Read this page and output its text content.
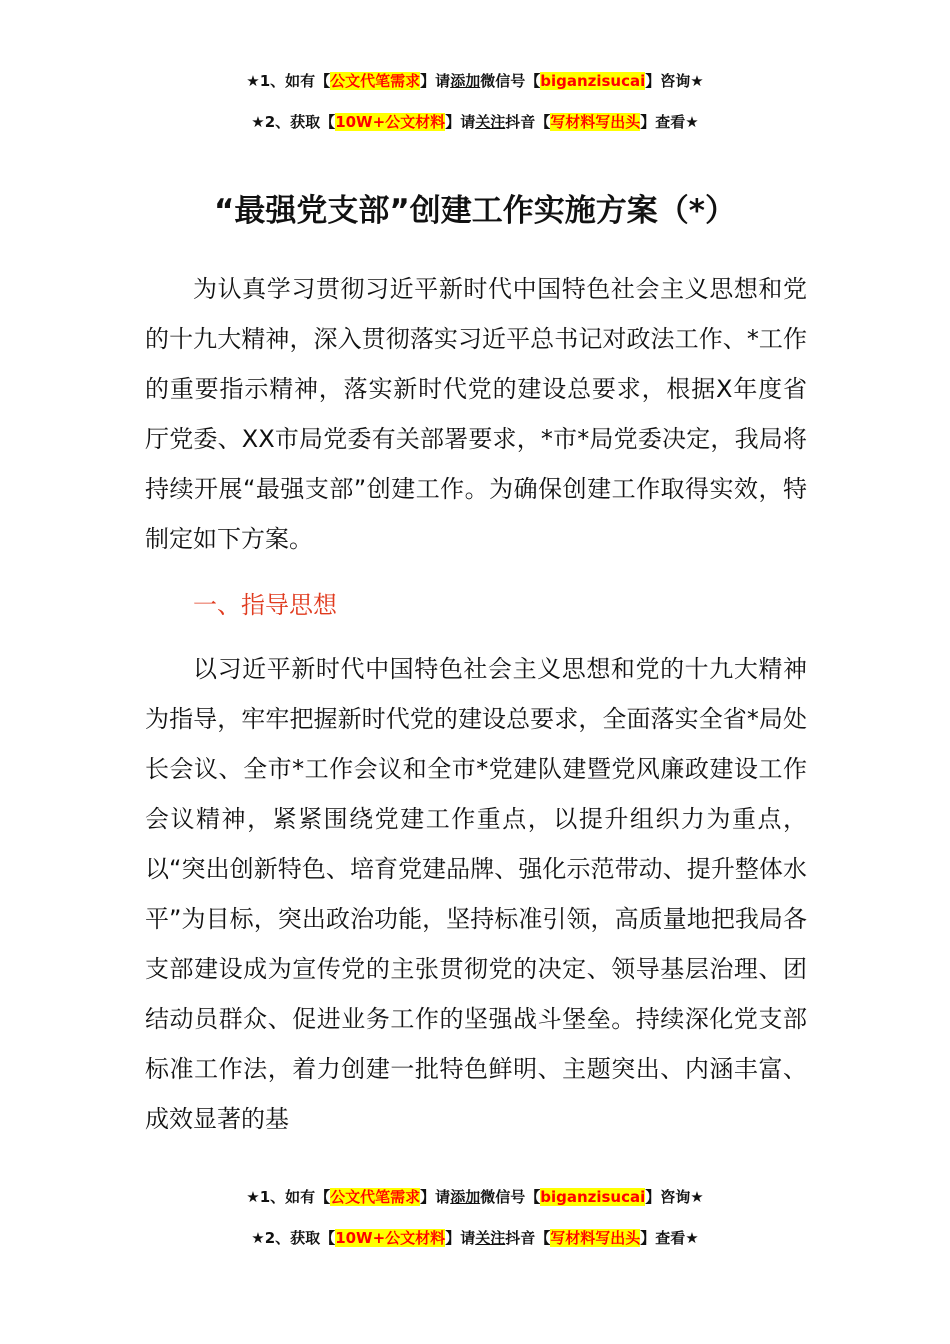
★1、如有【公文代笔需求】请添加微信号【biganzisucai】咨询★
★2、获取【10W+公文材料】请关注抖音【写材料写出头】查看★
“最强党支部”创建工作实施方案（*）

为认真学习贯彻习近平新时代中国特色社会主义思想和党的十九大精神，深入贯彻落实习近平总书记对政法工作、*工作的重要指示精神，落实新时代党的建设总要求，根据X年度省厅党委、XX市局党委有关部署要求，*市*局党委决定，我局将持续开展“最强支部”创建工作。为确保创建工作取得实效，特制定如下方案。

一、指导思想

以习近平新时代中国特色社会主义思想和党的十九大精神为指导，牢牢把握新时代党的建设总要求，全面落实全省*局处长会议、全市*工作会议和全市*党建队建暨党风廉政建设工作会议精神，紧紧围绕党建工作重点，以提升组织力为重点，以“突出创新特色、培育党建品牌、强化示范带动、提升整体水平”为目标，突出政治功能，坚持标准引领，高质量地把我局各支部建设成为宣传党的主张贯彻党的决定、领导基层治理、团结动员群众、促进业务工作的坚强战斗堡垒。持续深化党支部标准工作法，着力创建一批特色鲜明、主题突出、内涵丰富、成效显著的基

★1、如有【公文代笔需求】请添加微信号【biganzisucai】咨询★
★2、获取【10W+公文材料】请关注抖音【写材料写出头】查看★
